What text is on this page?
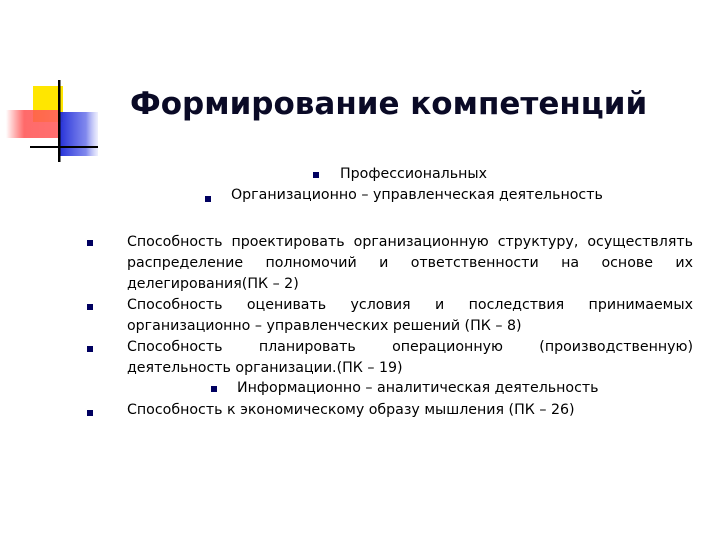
Формирование компетенций
Профессиональных
Организационно – управленческая деятельность
Способность проектировать организационную структуру, осуществлять распределение полномочий и ответственности на основе их делегирования(ПК – 2)
Способность оценивать условия и последствия принимаемых организационно – управленческих решений (ПК – 8)
Способность планировать операционную (производственную) деятельность организации.(ПК – 19)
Информационно – аналитическая деятельность
Способность к экономическому образу мышления (ПК – 26)
